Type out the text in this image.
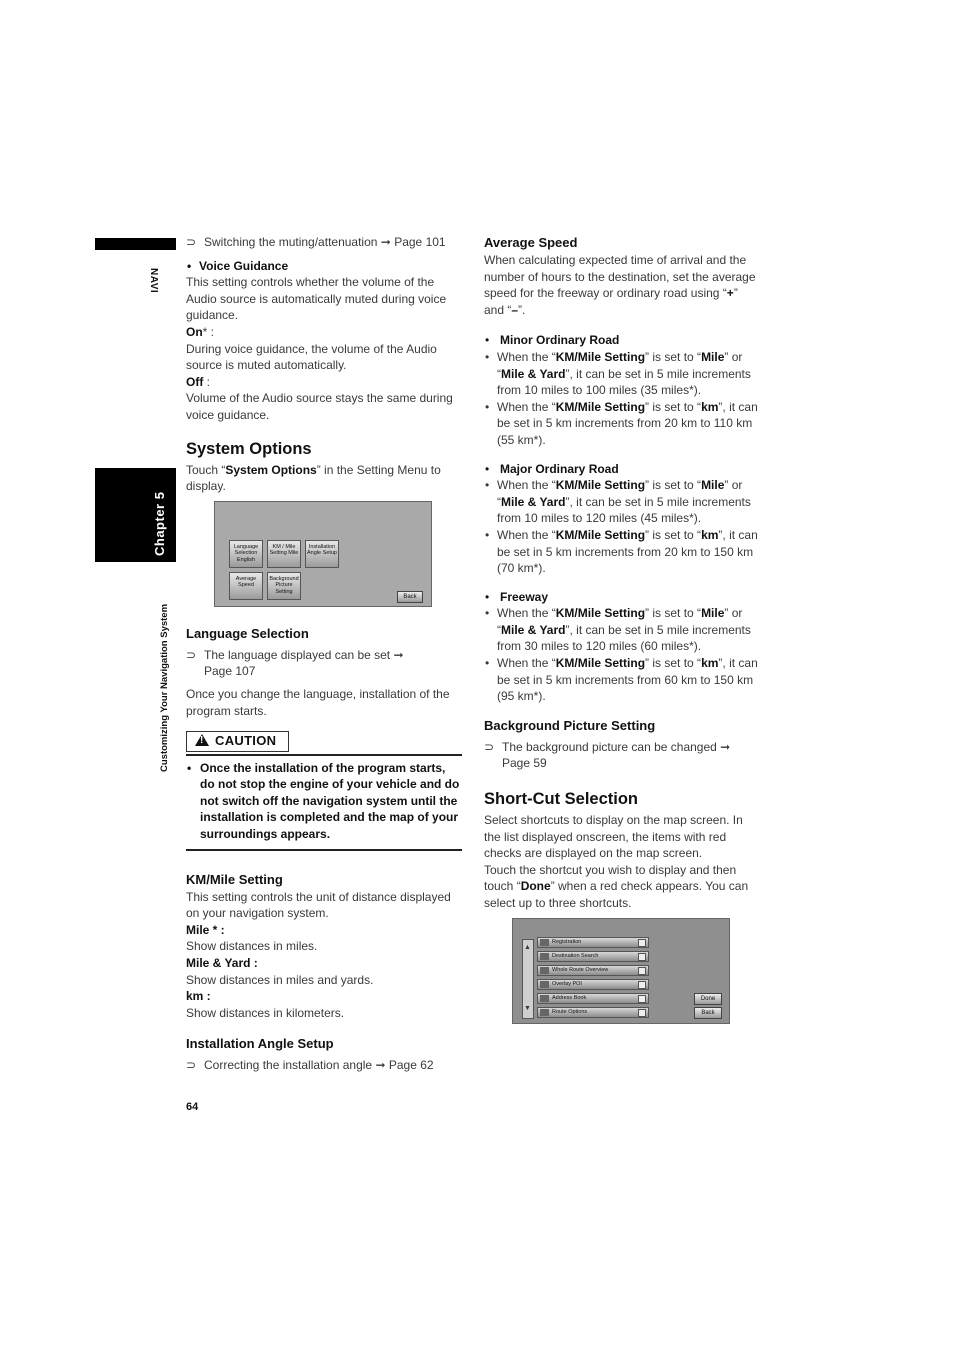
NAVI
Chapter 5
Customizing Your Navigation System

⊃ Switching the muting/attenuation ➞ Page 101

• Voice Guidance

This setting controls whether the volume of the Audio source is automatically muted during voice guidance.

On* :

During voice guidance, the volume of the Audio source is muted automatically.

Off :

Volume of the Audio source stays the same during voice guidance.

System Options

Touch “System Options” in the Setting Menu to display.

Language Selection English
KM / Mile Setting Mile
Installation Angle Setup
Average Speed
Background Picture Setting
Back

Language Selection

⊃ The language displayed can be set ➞
Page 107

Once you change the language, installation of the program starts.

! CAUTION

• Once the installation of the program starts, do not stop the engine of your vehicle and do not switch off the navigation system until the installation is completed and the map of your surroundings appears.

KM/Mile Setting

This setting controls the unit of distance displayed on your navigation system.

Mile * :

Show distances in miles.

Mile & Yard :

Show distances in miles and yards.

km :

Show distances in kilometers.

Installation Angle Setup

⊃ Correcting the installation angle ➞ Page 62

Average Speed

When calculating expected time of arrival and the number of hours to the destination, set the average speed for the freeway or ordinary road using “+” and “–”.

• Minor Ordinary Road

• When the “KM/Mile Setting” is set to “Mile” or “Mile & Yard”, it can be set in 5 mile increments from 10 miles to 100 miles (35 miles*).

• When the “KM/Mile Setting” is set to “km”, it can be set in 5 km increments from 20 km to 110 km (55 km*).

• Major Ordinary Road

• When the “KM/Mile Setting” is set to “Mile” or “Mile & Yard”, it can be set in 5 mile increments from 10 miles to 120 miles (45 miles*).

• When the “KM/Mile Setting” is set to “km”, it can be set in 5 km increments from 20 km to 150 km (70 km*).

• Freeway

• When the “KM/Mile Setting” is set to “Mile” or “Mile & Yard”, it can be set in 5 mile increments from 30 miles to 120 miles (60 miles*).

• When the “KM/Mile Setting” is set to “km”, it can be set in 5 km increments from 60 km to 150 km (95 km*).

Background Picture Setting

⊃ The background picture can be changed ➞
Page 59

Short-Cut Selection

Select shortcuts to display on the map screen. In the list displayed onscreen, the items with red checks are displayed on the map screen.

Touch the shortcut you wish to display and then touch “Done” when a red check appears. You can select up to three shortcuts.

▲
▼
Registration
Destination Search
Whole Route Overview
Overlay POI
Address Book
Route Options
Done
Back
64
